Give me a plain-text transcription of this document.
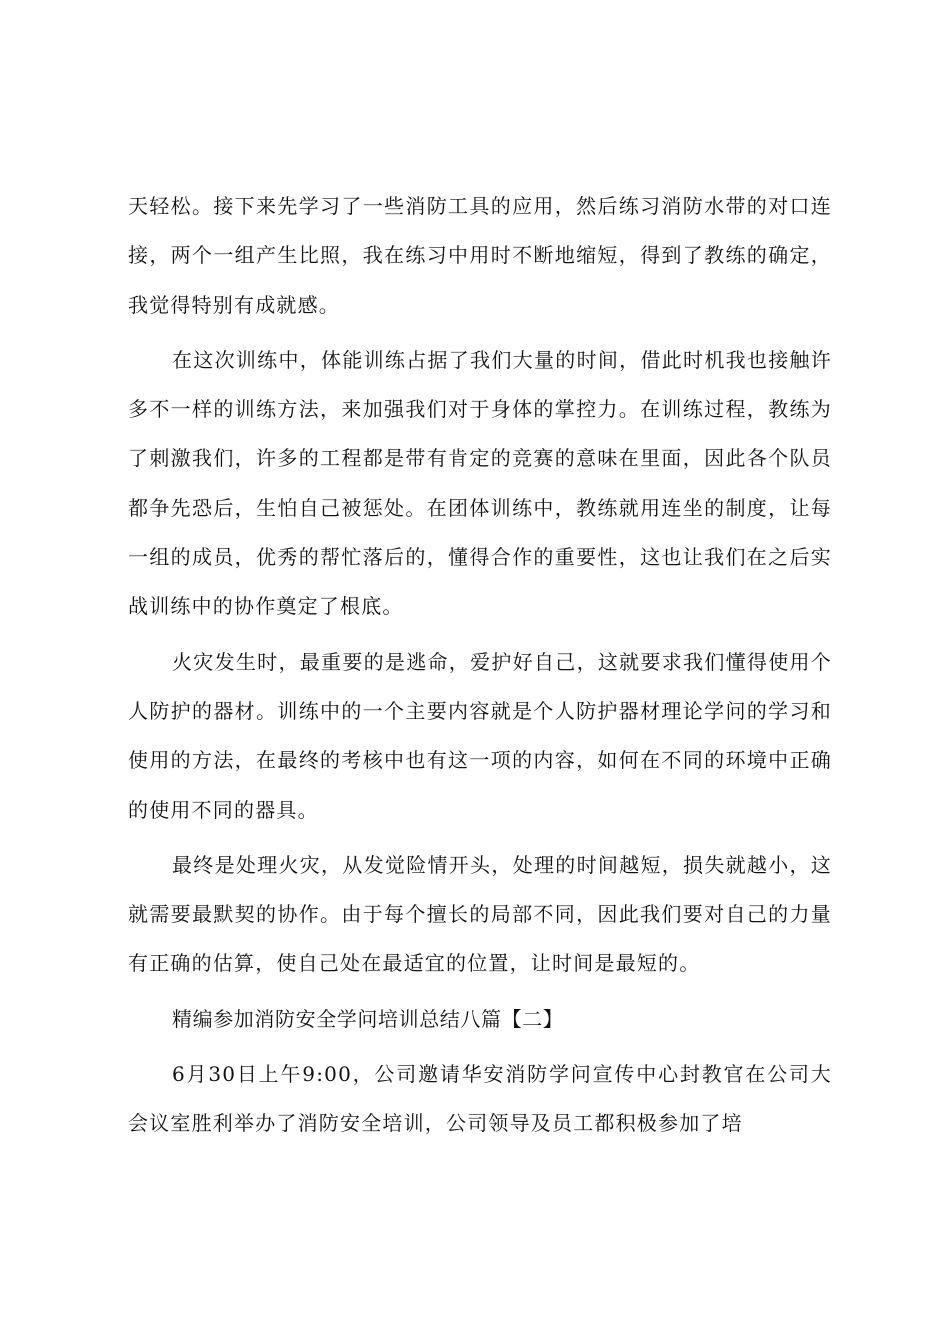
天轻松。接下来先学习了一些消防工具的应用，然后练习消防水带的对口连接，两个一组产生比照，我在练习中用时不断地缩短，得到了教练的确定，我觉得特别有成就感。

在这次训练中，体能训练占据了我们大量的时间，借此时机我也接触许多不一样的训练方法，来加强我们对于身体的掌控力。在训练过程，教练为了刺激我们，许多的工程都是带有肯定的竞赛的意味在里面，因此各个队员都争先恐后，生怕自己被惩处。在团体训练中，教练就用连坐的制度，让每一组的成员，优秀的帮忙落后的，懂得合作的重要性，这也让我们在之后实战训练中的协作奠定了根底。

火灾发生时，最重要的是逃命，爱护好自己，这就要求我们懂得使用个人防护的器材。训练中的一个主要内容就是个人防护器材理论学问的学习和使用的方法，在最终的考核中也有这一项的内容，如何在不同的环境中正确的使用不同的器具。

最终是处理火灾，从发觉险情开头，处理的时间越短，损失就越小，这就需要最默契的协作。由于每个擅长的局部不同，因此我们要对自己的力量有正确的估算，使自己处在最适宜的位置，让时间是最短的。

精编参加消防安全学问培训总结八篇【二】

6月30日上午9:00，公司邀请华安消防学问宣传中心封教官在公司大会议室胜利举办了消防安全培训，公司领导及员工都积极参加了培
